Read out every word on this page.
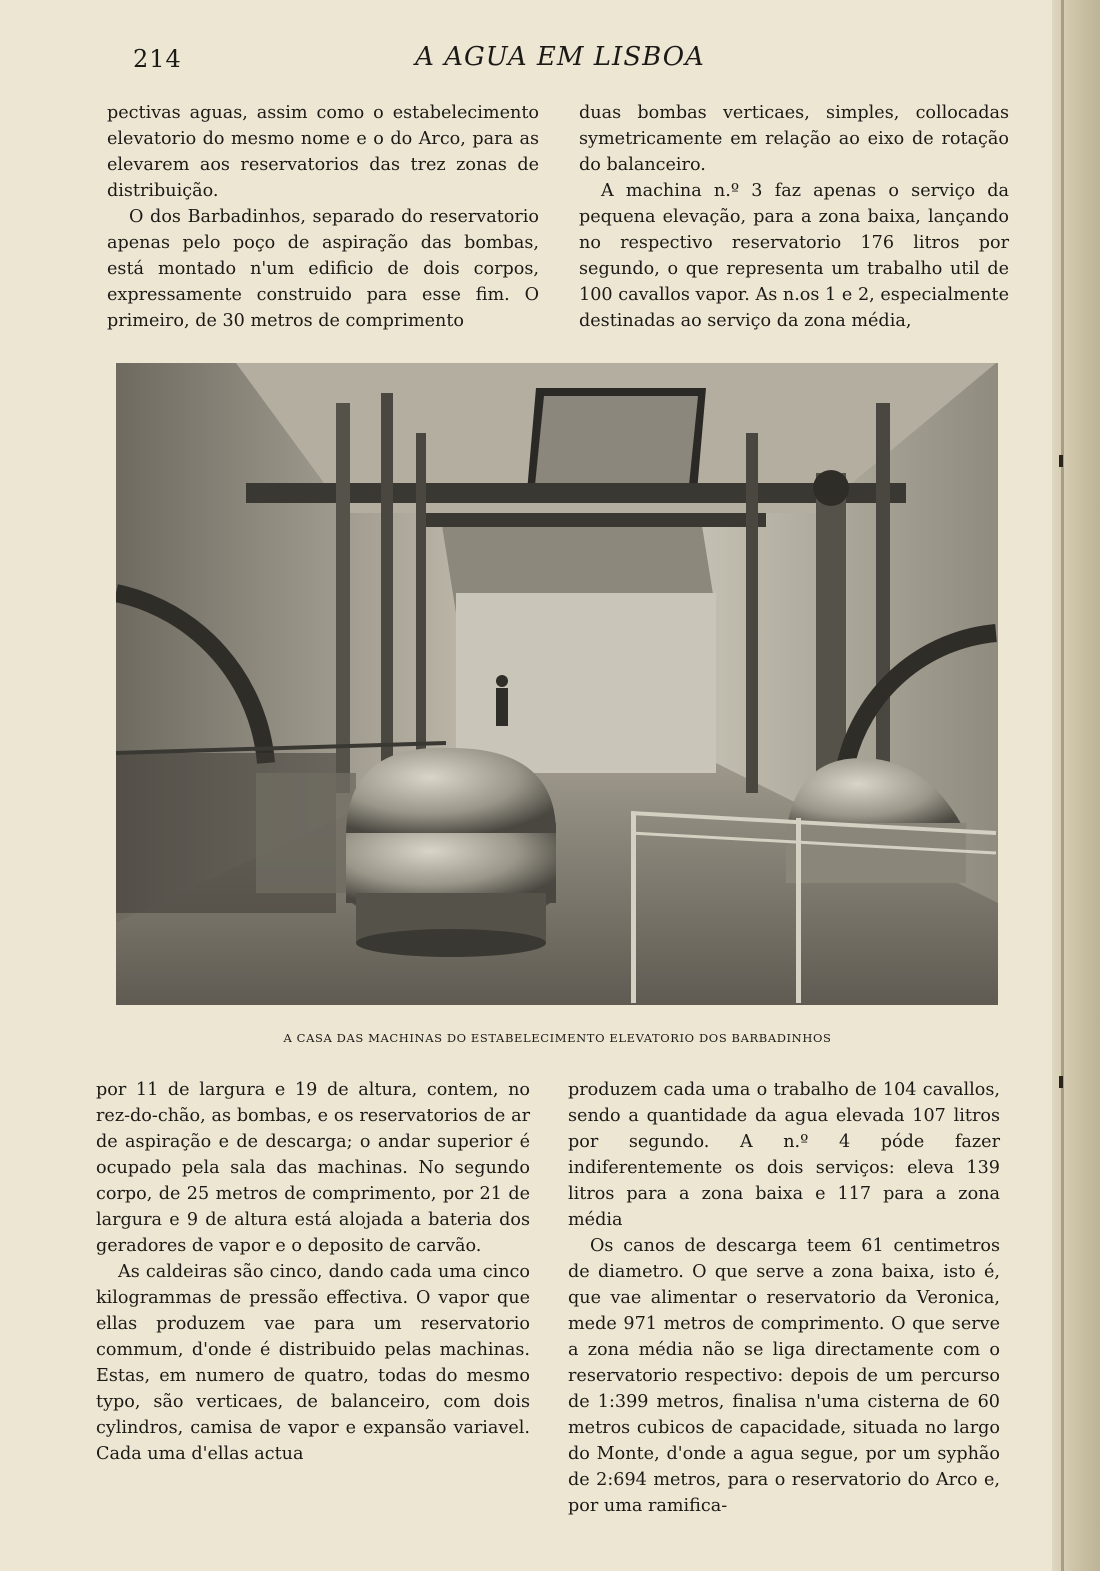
214	A AGUA EM LISBOA

pectivas aguas, assim como o estabelecimento elevatorio do mesmo nome e o do Arco, para as elevarem aos reservatorios das trez zonas de distribuição.

O dos Barbadinhos, separado do reservatorio apenas pelo poço de aspiração das bombas, está montado n'um edificio de dois corpos, expressamente construido para esse fim. O primeiro, de 30 metros de comprimento

duas bombas verticaes, simples, collocadas symetricamente em relação ao eixo de rotação do balanceiro.

A machina n.º 3 faz apenas o serviço da pequena elevação, para a zona baixa, lançando no respectivo reservatorio 176 litros por segundo, o que representa um trabalho util de 100 cavallos vapor. As n.os 1 e 2, especialmente destinadas ao serviço da zona média,

A CASA DAS MACHINAS DO ESTABELECIMENTO ELEVATORIO DOS BARBADINHOS

por 11 de largura e 19 de altura, contem, no rez-do-chão, as bombas, e os reservatorios de ar de aspiração e de descarga; o andar superior é ocupado pela sala das machinas. No segundo corpo, de 25 metros de comprimento, por 21 de largura e 9 de altura está alojada a bateria dos geradores de vapor e o deposito de carvão.

As caldeiras são cinco, dando cada uma cinco kilogrammas de pressão effectiva. O vapor que ellas produzem vae para um reservatorio commum, d'onde é distribuido pelas machinas. Estas, em numero de quatro, todas do mesmo typo, são verticaes, de balanceiro, com dois cylindros, camisa de vapor e expansão variavel. Cada uma d'ellas actua

produzem cada uma o trabalho de 104 cavallos, sendo a quantidade da agua elevada 107 litros por segundo. A n.º 4 póde fazer indiferentemente os dois serviços: eleva 139 litros para a zona baixa e 117 para a zona média

Os canos de descarga teem 61 centimetros de diametro. O que serve a zona baixa, isto é, que vae alimentar o reservatorio da Veronica, mede 971 metros de comprimento. O que serve a zona média não se liga directamente com o reservatorio respectivo: depois de um percurso de 1:399 metros, finalisa n'uma cisterna de 60 metros cubicos de capacidade, situada no largo do Monte, d'onde a agua segue, por um syphão de 2:694 metros, para o reservatorio do Arco e, por uma ramifica-
